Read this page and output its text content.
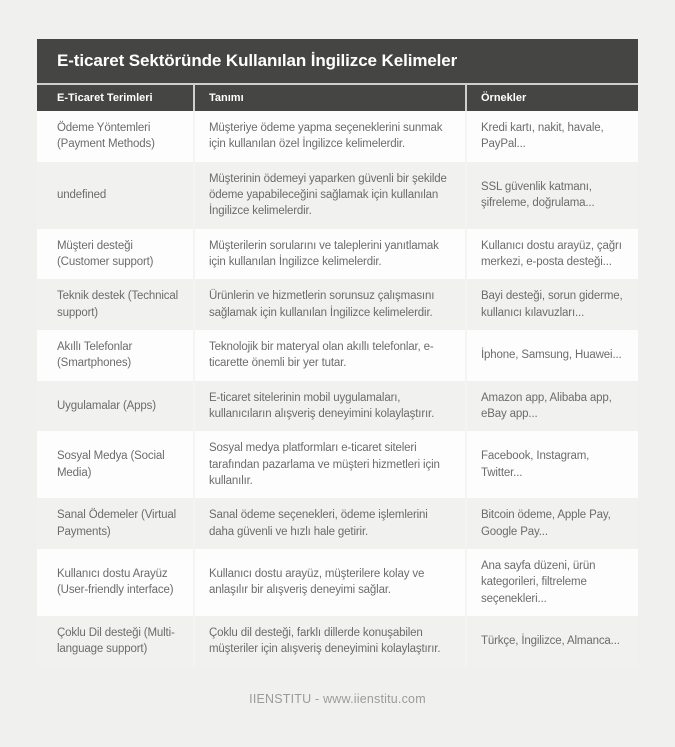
E-ticaret Sektöründe Kullanılan İngilizce Kelimeler
E-Ticaret Terimleri	Tanımı	Örnekler
Ödeme Yöntemleri (Payment Methods)
Müşteriye ödeme yapma seçeneklerini sunmak için kullanılan özel İngilizce kelimelerdir.
Kredi kartı, nakit, havale, PayPal...
undefined
Müşterinin ödemeyi yaparken güvenli bir şekilde ödeme yapabileceğini sağlamak için kullanılan İngilizce kelimelerdir.
SSL güvenlik katmanı, şifreleme, doğrulama...
Müşteri desteği (Customer support)
Müşterilerin sorularını ve taleplerini yanıtlamak için kullanılan İngilizce kelimelerdir.
Kullanıcı dostu arayüz, çağrı merkezi, e-posta desteği...
Teknik destek (Technical support)
Ürünlerin ve hizmetlerin sorunsuz çalışmasını sağlamak için kullanılan İngilizce kelimelerdir.
Bayi desteği, sorun giderme, kullanıcı kılavuzları...
Akıllı Telefonlar (Smartphones)
Teknolojik bir materyal olan akıllı telefonlar, e-ticarette önemli bir yer tutar.
İphone, Samsung, Huawei...
Uygulamalar (Apps)
E-ticaret sitelerinin mobil uygulamaları, kullanıcıların alışveriş deneyimini kolaylaştırır.
Amazon app, Alibaba app, eBay app...
Sosyal Medya (Social Media)
Sosyal medya platformları e-ticaret siteleri tarafından pazarlama ve müşteri hizmetleri için kullanılır.
Facebook, Instagram, Twitter...
Sanal Ödemeler (Virtual Payments)
Sanal ödeme seçenekleri, ödeme işlemlerini daha güvenli ve hızlı hale getirir.
Bitcoin ödeme, Apple Pay, Google Pay...
Kullanıcı dostu Arayüz (User-friendly interface)
Kullanıcı dostu arayüz, müşterilere kolay ve anlaşılır bir alışveriş deneyimi sağlar.
Ana sayfa düzeni, ürün kategorileri, filtreleme seçenekleri...
Çoklu Dil desteği (Multi-language support)
Çoklu dil desteği, farklı dillerde konuşabilen müşteriler için alışveriş deneyimini kolaylaştırır.
Türkçe, İngilizce, Almanca...
IIENSTITU - www.iienstitu.com
